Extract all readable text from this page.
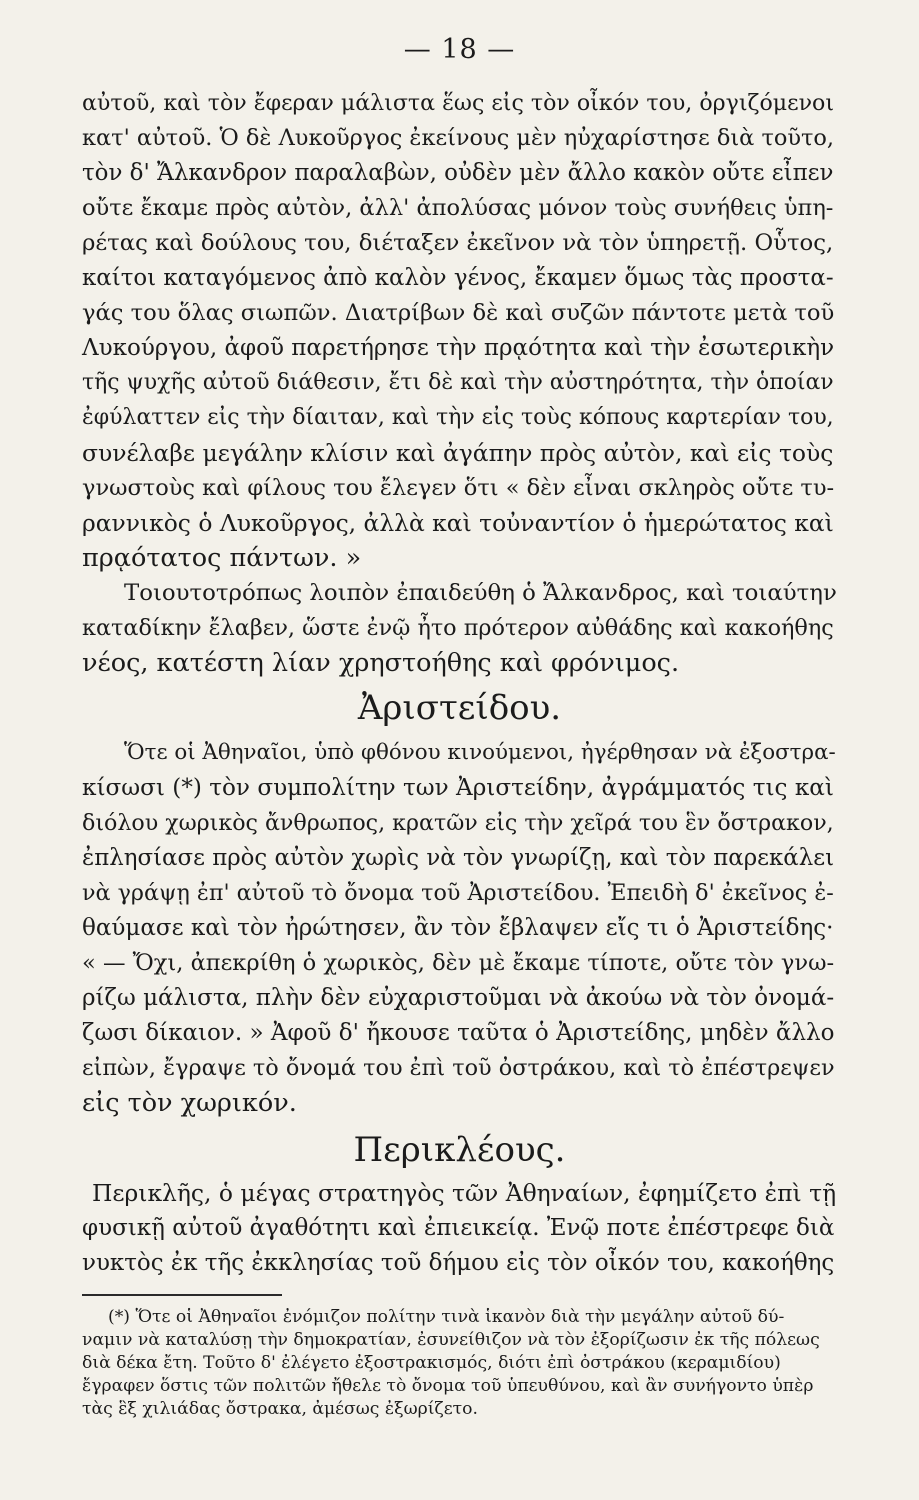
— 18 —

αὐτοῦ, καὶ τὸν ἔφεραν μάλιστα ἕως εἰς τὸν οἶκόν του, ὀργιζόμενοι

κατ' αὐτοῦ. Ὁ δὲ Λυκοῦργος ἐκείνους μὲν ηὐχαρίστησε διὰ τοῦτο,

τὸν δ' Ἄλκανδρον παραλαβὼν, οὐδὲν μὲν ἄλλο κακὸν οὔτε εἶπεν

οὔτε ἔκαμε πρὸς αὐτὸν, ἀλλ' ἀπολύσας μόνον τοὺς συνήθεις ὑπη-

ρέτας καὶ δούλους του, διέταξεν ἐκεῖνον νὰ τὸν ὑπηρετῇ. Οὗτος,

καίτοι καταγόμενος ἀπὸ καλὸν γένος, ἔκαμεν ὅμως τὰς προστα-

γάς του ὅλας σιωπῶν. Διατρίβων δὲ καὶ συζῶν πάντοτε μετὰ τοῦ

Λυκούργου, ἀφοῦ παρετήρησε τὴν πρᾳότητα καὶ τὴν ἐσωτερικὴν

τῆς ψυχῆς αὐτοῦ διάθεσιν, ἔτι δὲ καὶ τὴν αὐστηρότητα, τὴν ὁποίαν

ἐφύλαττεν εἰς τὴν δίαιταν, καὶ τὴν εἰς τοὺς κόπους καρτερίαν του,

συνέλαβε μεγάλην κλίσιν καὶ ἀγάπην πρὸς αὐτὸν, καὶ εἰς τοὺς

γνωστοὺς καὶ φίλους του ἔλεγεν ὅτι « δὲν εἶναι σκληρὸς οὔτε τυ-

ραννικὸς ὁ Λυκοῦργος, ἀλλὰ καὶ τοὐναντίον ὁ ἡμερώτατος καὶ

πρᾳότατος πάντων. »

Τοιουτοτρόπως λοιπὸν ἐπαιδεύθη ὁ Ἄλκανδρος, καὶ τοιαύτην

καταδίκην ἔλαβεν, ὥστε ἐνῷ ἦτο πρότερον αὐθάδης καὶ κακοήθης

νέος, κατέστη λίαν χρηστοήθης καὶ φρόνιμος.

Ἀριστείδου.

Ὅτε οἱ Ἀθηναῖοι, ὑπὸ φθόνου κινούμενοι, ἠγέρθησαν νὰ ἐξοστρα-

κίσωσι (*) τὸν συμπολίτην των Ἀριστείδην, ἀγράμματός τις καὶ

διόλου χωρικὸς ἄνθρωπος, κρατῶν εἰς τὴν χεῖρά του ἓν ὄστρακον,

ἐπλησίασε πρὸς αὐτὸν χωρὶς νὰ τὸν γνωρίζῃ, καὶ τὸν παρεκάλει

νὰ γράψῃ ἐπ' αὐτοῦ τὸ ὄνομα τοῦ Ἀριστείδου. Ἐπειδὴ δ' ἐκεῖνος ἐ-

θαύμασε καὶ τὸν ἠρώτησεν, ἂν τὸν ἔβλαψεν εἴς τι ὁ Ἀριστείδης·

« — Ὄχι, ἀπεκρίθη ὁ χωρικὸς, δὲν μὲ ἔκαμε τίποτε, οὔτε τὸν γνω-

ρίζω μάλιστα, πλὴν δὲν εὐχαριστοῦμαι νὰ ἀκούω νὰ τὸν ὀνομά-

ζωσι δίκαιον. » Ἀφοῦ δ' ἤκουσε ταῦτα ὁ Ἀριστείδης, μηδὲν ἄλλο

εἰπὼν, ἔγραψε τὸ ὄνομά του ἐπὶ τοῦ ὀστράκου, καὶ τὸ ἐπέστρεψεν

εἰς τὸν χωρικόν.

Περικλέους.

Περικλῆς, ὁ μέγας στρατηγὸς τῶν Ἀθηναίων, ἐφημίζετο ἐπὶ τῇ

φυσικῇ αὐτοῦ ἀγαθότητι καὶ ἐπιεικείᾳ. Ἐνῷ ποτε ἐπέστρεφε διὰ

νυκτὸς ἐκ τῆς ἐκκλησίας τοῦ δήμου εἰς τὸν οἶκόν του, κακοήθης

(*) Ὅτε οἱ Ἀθηναῖοι ἐνόμιζον πολίτην τινὰ ἱκανὸν διὰ τὴν μεγάλην αὐτοῦ δύ-

ναμιν νὰ καταλύσῃ τὴν δημοκρατίαν, ἐσυνείθιζον νὰ τὸν ἐξορίζωσιν ἐκ τῆς πόλεως

διὰ δέκα ἔτη. Τοῦτο δ' ἐλέγετο ἐξοστρακισμός, διότι ἐπὶ ὀστράκου (κεραμιδίου)

ἔγραφεν ὅστις τῶν πολιτῶν ἤθελε τὸ ὄνομα τοῦ ὑπευθύνου, καὶ ἂν συνήγοντο ὑπὲρ

τὰς ἓξ χιλιάδας ὄστρακα, ἀμέσως ἐξωρίζετο.
